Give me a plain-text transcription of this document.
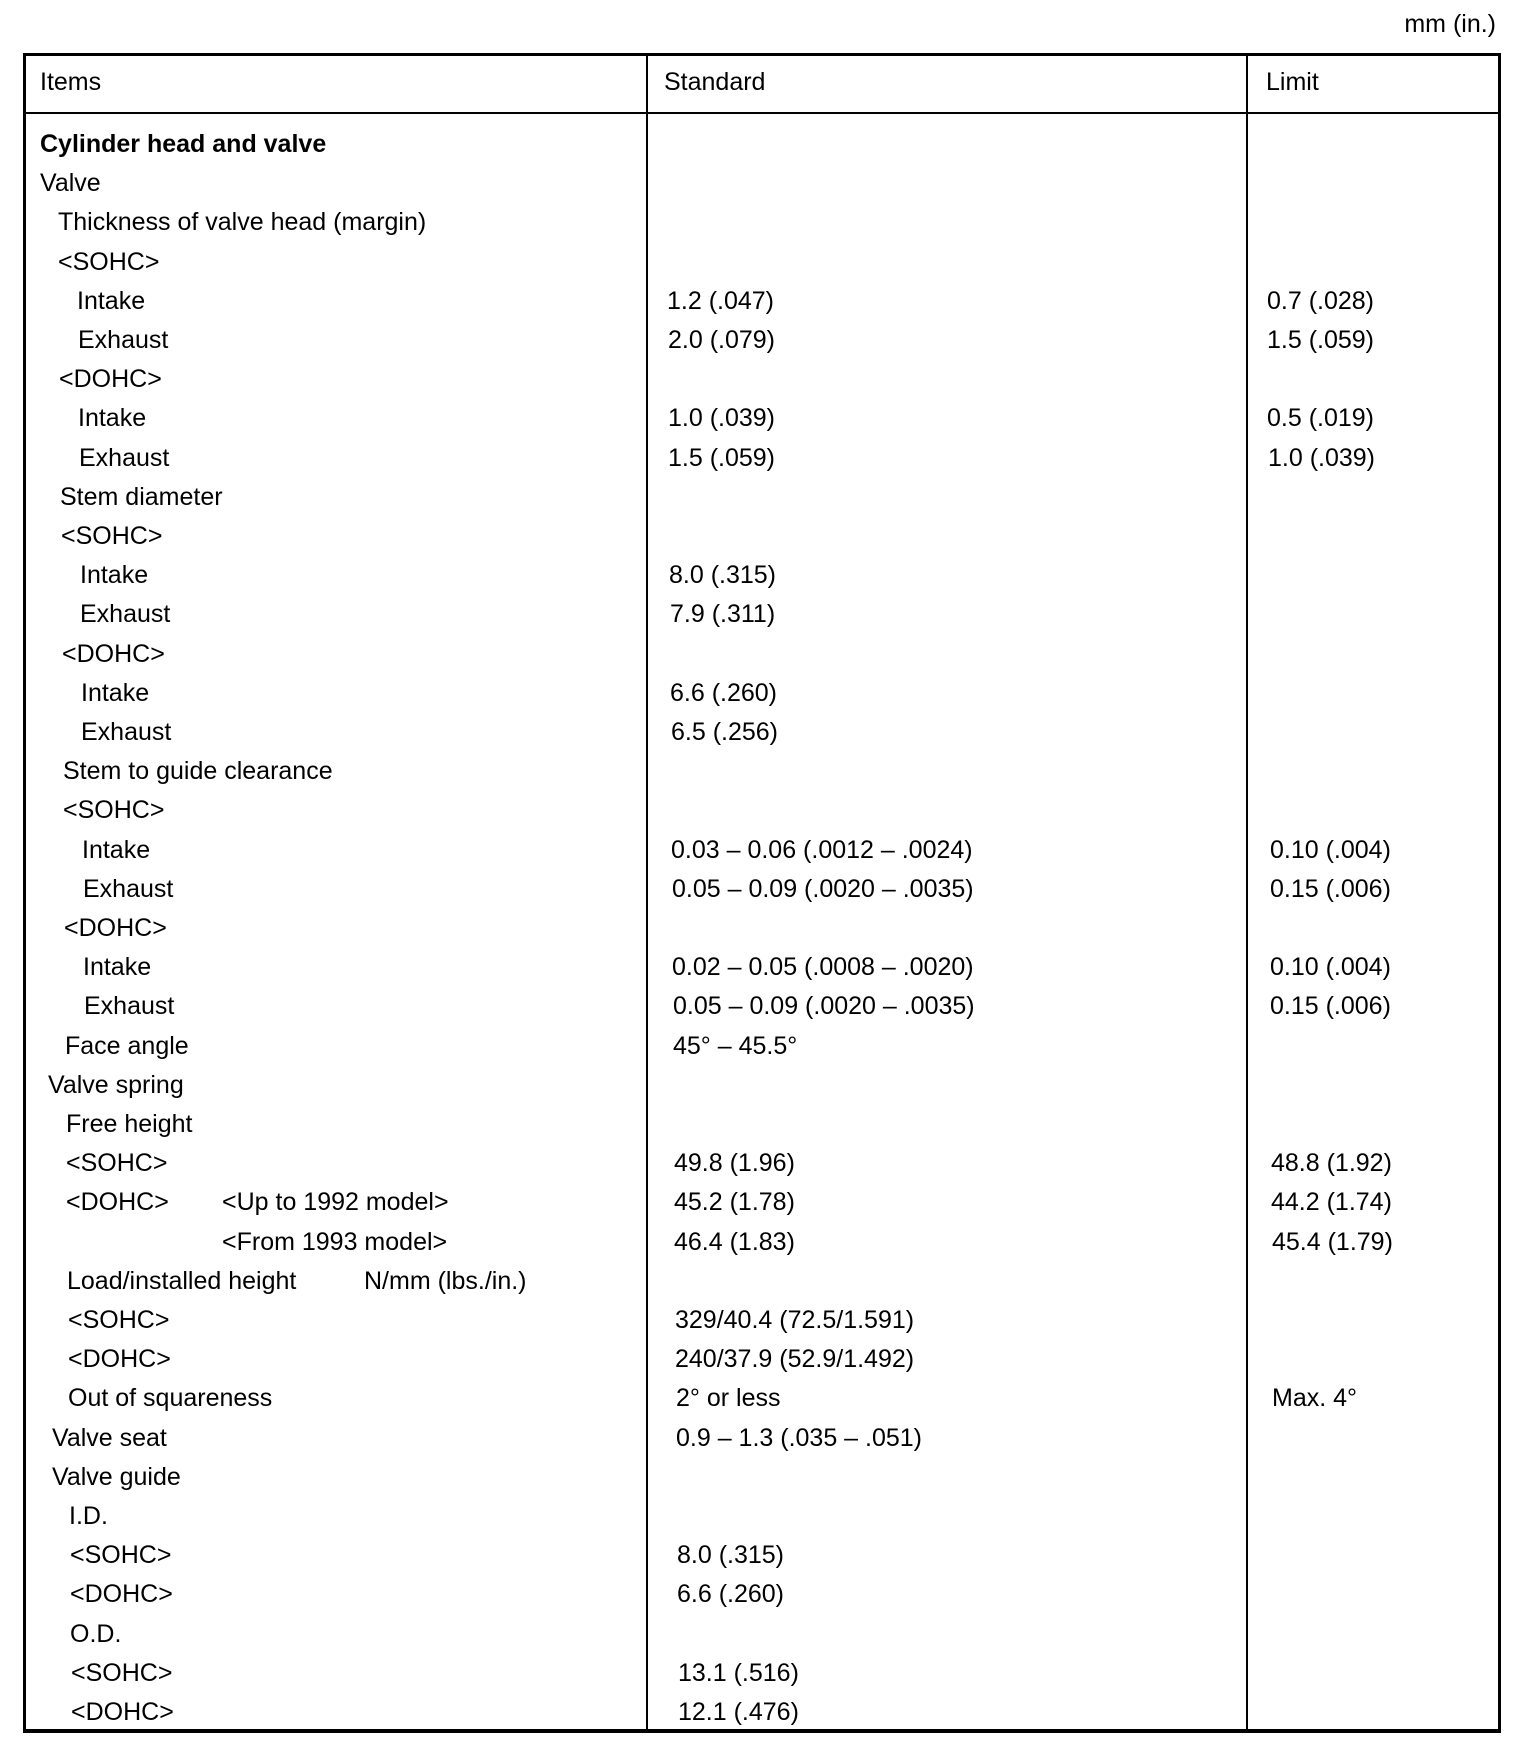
mm (in.)
Items	Standard	Limit
Cylinder head and valve
Valve
Thickness of valve head (margin)
<SOHC>
Intake	1.2 (.047)	0.7 (.028)
Exhaust	2.0 (.079)	1.5 (.059)
<DOHC>
Intake	1.0 (.039)	0.5 (.019)
Exhaust	1.5 (.059)	1.0 (.039)
Stem diameter
<SOHC>
Intake	8.0 (.315)
Exhaust	7.9 (.311)
<DOHC>
Intake	6.6 (.260)
Exhaust	6.5 (.256)
Stem to guide clearance
<SOHC>
Intake	0.03 – 0.06 (.0012 – .0024)	0.10 (.004)
Exhaust	0.05 – 0.09 (.0020 – .0035)	0.15 (.006)
<DOHC>
Intake	0.02 – 0.05 (.0008 – .0020)	0.10 (.004)
Exhaust	0.05 – 0.09 (.0020 – .0035)	0.15 (.006)
Face angle	45° – 45.5°
Valve spring
Free height
<SOHC>	49.8 (1.96)	48.8 (1.92)
<DOHC> <Up to 1992 model>	45.2 (1.78)	44.2 (1.74)
<From 1993 model>	46.4 (1.83)	45.4 (1.79)
Load/installed height	N/mm (lbs./in.)
<SOHC>	329/40.4 (72.5/1.591)
<DOHC>	240/37.9 (52.9/1.492)
Out of squareness	2° or less	Max. 4°
Valve seat	0.9 – 1.3 (.035 – .051)
Valve guide
I.D.
<SOHC>	8.0 (.315)
<DOHC>	6.6 (.260)
O.D.
<SOHC>	13.1 (.516)
<DOHC>	12.1 (.476)
